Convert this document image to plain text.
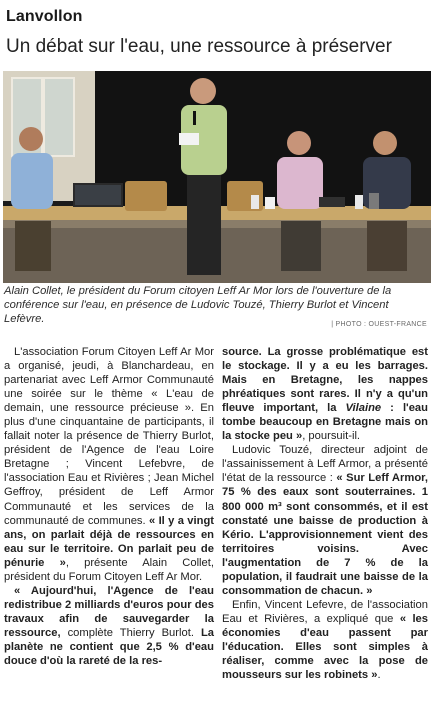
Lanvollon
Un débat sur l'eau, une ressource à préserver
Alain Collet, le président du Forum citoyen Leff Ar Mor lors de l'ouverture de la conférence sur l'eau, en présence de Ludovic Touzé, Thierry Burlot et Vincent Lefèvre.	| PHOTO : OUEST-FRANCE

L'association Forum Citoyen Leff Ar Mor a organisé, jeudi, à Blanchardeau, en partenariat avec Leff Armor Communauté une soirée sur le thème « L'eau de demain, une ressource précieuse ». En plus d'une cinquantaine de participants, il fallait noter la présence de Thierry Burlot, président de l'Agence de l'eau Loire Bretagne ; Vincent Lefebvre, de l'association Eau et Rivières ; Jean Michel Geffroy, président de Leff Armor Communauté et les services de la communauté de communes. « Il y a vingt ans, on parlait déjà de ressources en eau sur le territoire. On parlait peu de pénurie », présente Alain Collet, président du Forum Citoyen Leff Ar Mor.

« Aujourd'hui, l'Agence de l'eau redistribue 2 milliards d'euros pour des travaux afin de sauvegarder la ressource, complète Thierry Burlot. La planète ne contient que 2,5 % d'eau douce d'où la rareté de la res-

source. La grosse problématique est le stockage. Il y a eu les barrages. Mais en Bretagne, les nappes phréatiques sont rares. Il n'y a qu'un fleuve important, la Vilaine : l'eau tombe beaucoup en Bretagne mais on la stocke peu », poursuit-il.

Ludovic Touzé, directeur adjoint de l'assainissement à Leff Armor, a présenté l'état de la ressource : « Sur Leff Armor, 75 % des eaux sont souterraines. 1 800 000 m³ sont consommés, et il est constaté une baisse de production à Kério. L'approvisionnement vient des territoires voisins. Avec l'augmentation de 7 % de la population, il faudrait une baisse de la consommation de chacun. »

Enfin, Vincent Lefevre, de l'association Eau et Rivières, a expliqué que « les économies d'eau passent par l'éducation. Elles sont simples à réaliser, comme avec la pose de mousseurs sur les robinets ».
